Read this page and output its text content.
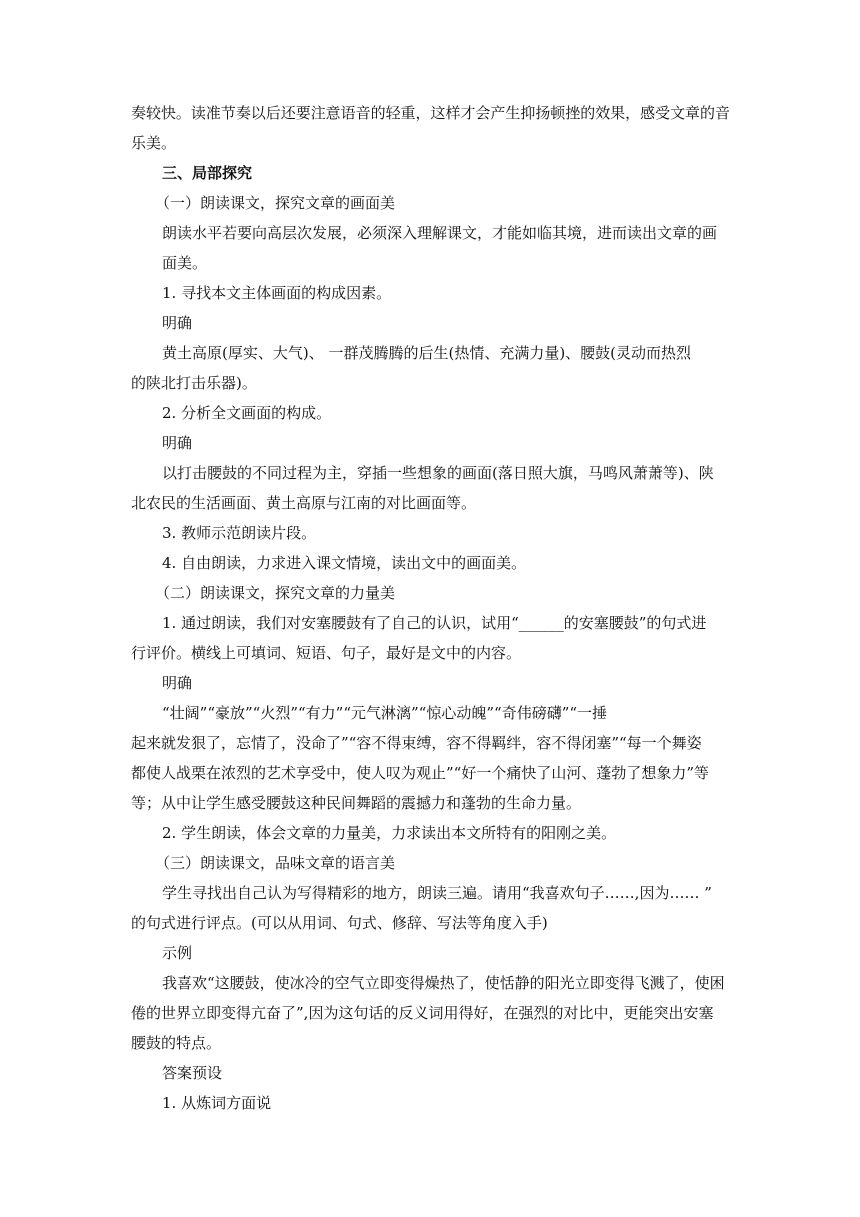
奏较快。读准节奏以后还要注意语音的轻重，这样才会产生抑扬顿挫的效果，感受文章的音
乐美。
三、局部探究
（一）朗读课文，探究文章的画面美
朗读水平若要向高层次发展，必须深入理解课文，才能如临其境，进而读出文章的画
面美。
1. 寻找本文主体画面的构成因素。
明确
黄土高原(厚实、大气)、 一群茂腾腾的后生(热情、充满力量)、腰鼓(灵动而热烈
的陕北打击乐器)。
2. 分析全文画面的构成。
明确
以打击腰鼓的不同过程为主，穿插一些想象的画面(落日照大旗，马鸣风萧萧等)、陕
北农民的生活画面、黄土高原与江南的对比画面等。
3. 教师示范朗读片段。
4. 自由朗读，力求进入课文情境，读出文中的画面美。
（二）朗读课文，探究文章的力量美
1. 通过朗读，我们对安塞腰鼓有了自己的认识，试用“______的安塞腰鼓”的句式进
行评价。横线上可填词、短语、句子，最好是文中的内容。
明确
“壮阔”“豪放”“火烈”“有力”“元气淋漓”“惊心动魄”“奇伟磅礴”“一捶
起来就发狠了，忘情了，没命了”“容不得束缚，容不得羁绊，容不得闭塞”“每一个舞姿
都使人战栗在浓烈的艺术享受中，使人叹为观止”“好一个痛快了山河、蓬勃了想象力”等
等；从中让学生感受腰鼓这种民间舞蹈的震撼力和蓬勃的生命力量。
2. 学生朗读，体会文章的力量美，力求读出本文所特有的阳刚之美。
（三）朗读课文，品味文章的语言美
学生寻找出自己认为写得精彩的地方，朗读三遍。请用“我喜欢句子……,因为…… ”
的句式进行评点。(可以从用词、句式、修辞、写法等角度入手)
示例
我喜欢“这腰鼓，使冰冷的空气立即变得燥热了，使恬静的阳光立即变得飞溅了，使困
倦的世界立即变得亢奋了”,因为这句话的反义词用得好，在强烈的对比中，更能突出安塞
腰鼓的特点。
答案预设
1. 从炼词方面说
